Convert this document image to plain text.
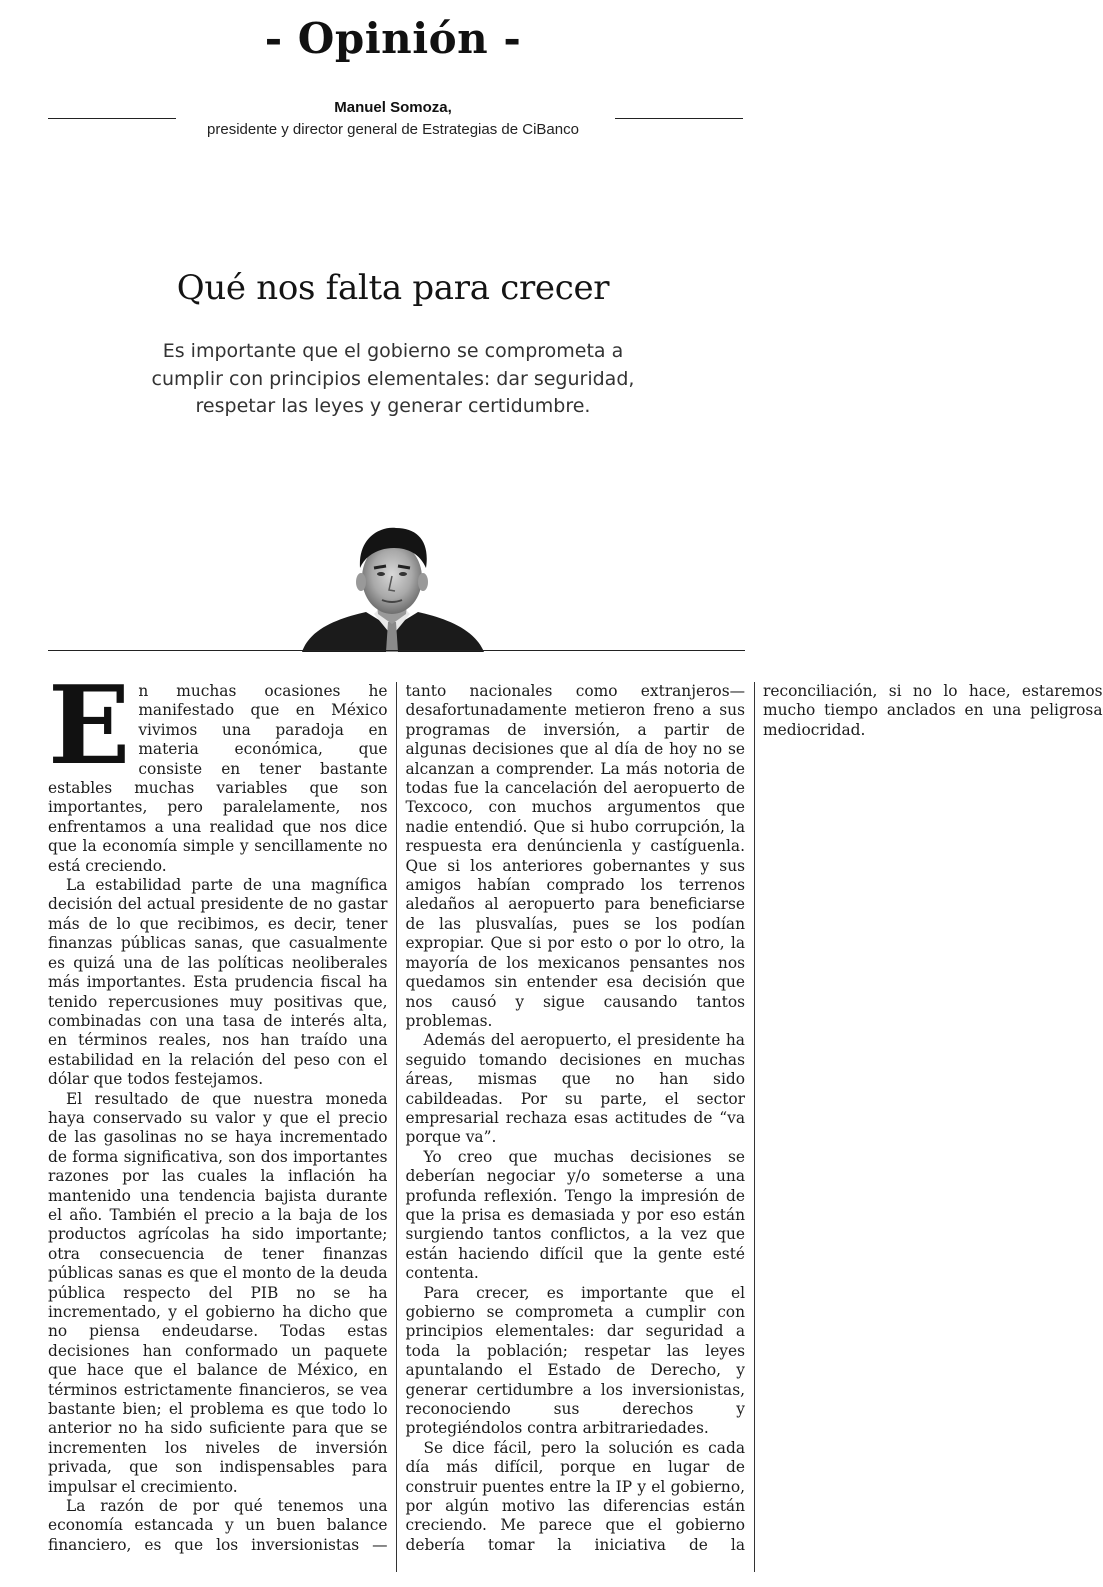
- Opinión -
Manuel Somoza,
presidente y director general de Estrategias de CiBanco
Qué nos falta para crecer
Es importante que el gobierno se comprometa a cumplir con principios elementales: dar seguridad, respetar las leyes y generar certidumbre.

En muchas ocasiones he manifestado que en México vivimos una paradoja en materia económica, que consiste en tener bastante estables muchas variables que son importantes, pero paralelamente, nos enfrentamos a una realidad que nos dice que la economía simple y sencillamente no está creciendo.

La estabilidad parte de una magnífica decisión del actual presidente de no gastar más de lo que recibimos, es decir, tener finanzas públicas sanas, que casualmente es quizá una de las políticas neoliberales más importantes. Esta prudencia fiscal ha tenido repercusiones muy positivas que, combinadas con una tasa de interés alta, en términos reales, nos han traído una estabilidad en la relación del peso con el dólar que todos festejamos.

El resultado de que nuestra moneda haya conservado su valor y que el precio de las gasolinas no se haya incrementado de forma significativa, son dos importantes razones por las cuales la inflación ha mantenido una tendencia bajista durante el año. También el precio a la baja de los productos agrícolas ha sido importante; otra consecuencia de tener finanzas públicas sanas es que el monto de la deuda pública respecto del PIB no se ha incrementado, y el gobierno ha dicho que no piensa endeudarse. Todas estas decisiones han conformado un paquete que hace que el balance de México, en términos estrictamente financieros, se vea bastante bien; el problema es que todo lo anterior no ha sido suficiente para que se incrementen los niveles de inversión privada, que son indispensables para impulsar el crecimiento.

La razón de por qué tenemos una economía estancada y un buen balance financiero, es que los inversionistas —tanto nacionales como extranjeros— desafortunadamente metieron freno a sus programas de inversión, a partir de algunas decisiones que al día de hoy no se alcanzan a comprender. La más notoria de todas fue la cancelación del aeropuerto de Texcoco, con muchos argumentos que nadie entendió. Que si hubo corrupción, la respuesta era denúncienla y castíguenla. Que si los anteriores gobernantes y sus amigos habían comprado los terrenos aledaños al aeropuerto para beneficiarse de las plusvalías, pues se los podían expropiar. Que si por esto o por lo otro, la mayoría de los mexicanos pensantes nos quedamos sin entender esa decisión que nos causó y sigue causando tantos problemas.

Además del aeropuerto, el presidente ha seguido tomando decisiones en muchas áreas, mismas que no han sido cabildeadas. Por su parte, el sector empresarial rechaza esas actitudes de “va porque va”.

Yo creo que muchas decisiones se deberían negociar y/o someterse a una profunda reflexión. Tengo la impresión de que la prisa es demasiada y por eso están surgiendo tantos conflictos, a la vez que están haciendo difícil que la gente esté contenta.

Para crecer, es importante que el gobierno se comprometa a cumplir con principios elementales: dar seguridad a toda la población; respetar las leyes apuntalando el Estado de Derecho, y generar certidumbre a los inversionistas, reconociendo sus derechos y protegiéndolos contra arbitrariedades.

Se dice fácil, pero la solución es cada día más difícil, porque en lugar de construir puentes entre la IP y el gobierno, por algún motivo las diferencias están creciendo. Me parece que el gobierno debería tomar la iniciativa de la reconciliación, si no lo hace, estaremos mucho tiempo anclados en una peligrosa mediocridad.
